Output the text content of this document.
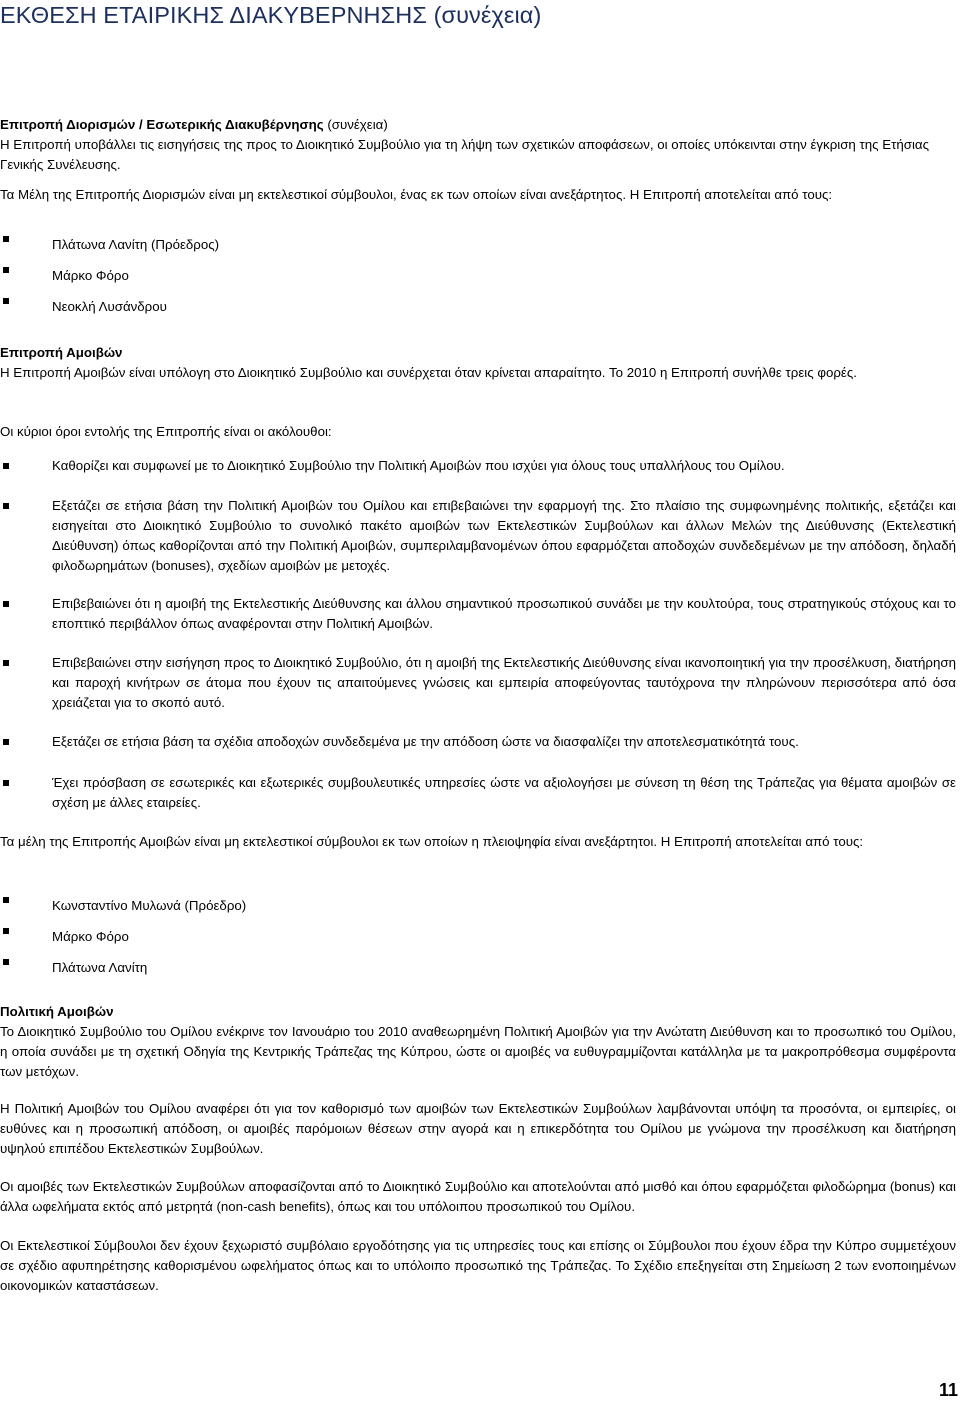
ΕΚΘΕΣΗ ΕΤΑΙΡΙΚΗΣ ΔΙΑΚΥΒΕΡΝΗΣΗΣ (συνέχεια)

Επιτροπή Διορισμών / Εσωτερικής Διακυβέρνησης (συνέχεια)

Η Επιτροπή υποβάλλει τις εισηγήσεις της προς το Διοικητικό Συμβούλιο για τη λήψη των σχετικών αποφάσεων, οι οποίες υπόκεινται στην έγκριση της Ετήσιας Γενικής Συνέλευσης.

Τα Μέλη της Επιτροπής Διορισμών είναι μη εκτελεστικοί σύμβουλοι, ένας εκ των οποίων είναι ανεξάρτητος. Η Επιτροπή αποτελείται από τους:
Πλάτωνα Λανίτη (Πρόεδρος)
Μάρκο Φόρο
Νεοκλή Λυσάνδρου

Επιτροπή Αμοιβών

Η Επιτροπή Αμοιβών είναι υπόλογη στο Διοικητικό Συμβούλιο και συνέρχεται όταν κρίνεται απαραίτητο. Το 2010 η Επιτροπή συνήλθε τρεις φορές.

Οι κύριοι όροι εντολής της Επιτροπής είναι οι ακόλουθοι:
Καθορίζει και συμφωνεί με το Διοικητικό Συμβούλιο την Πολιτική Αμοιβών που ισχύει για όλους τους υπαλλήλους του Ομίλου.
Εξετάζει σε ετήσια βάση την Πολιτική Αμοιβών του Ομίλου και επιβεβαιώνει την εφαρμογή της. Στο πλαίσιο της συμφωνημένης πολιτικής, εξετάζει και εισηγείται στο Διοικητικό Συμβούλιο το συνολικό πακέτο αμοιβών των Εκτελεστικών Συμβούλων και άλλων Μελών της Διεύθυνσης (Εκτελεστική Διεύθυνση) όπως καθορίζονται από την Πολιτική Αμοιβών, συμπεριλαμβανομένων όπου εφαρμόζεται αποδοχών συνδεδεμένων με την απόδοση, δηλαδή φιλοδωρημάτων (bonuses), σχεδίων αμοιβών με μετοχές.
Επιβεβαιώνει ότι η αμοιβή της Εκτελεστικής Διεύθυνσης και άλλου σημαντικού προσωπικού συνάδει με την κουλτούρα, τους στρατηγικούς στόχους και το εποπτικό περιβάλλον όπως αναφέρονται στην Πολιτική Αμοιβών.
Επιβεβαιώνει στην εισήγηση προς το Διοικητικό Συμβούλιο, ότι η αμοιβή της Εκτελεστικής Διεύθυνσης είναι ικανοποιητική για την προσέλκυση, διατήρηση και παροχή κινήτρων σε άτομα που έχουν τις απαιτούμενες γνώσεις και εμπειρία αποφεύγοντας ταυτόχρονα την πληρώνουν περισσότερα από όσα χρειάζεται για το σκοπό αυτό.
Εξετάζει σε ετήσια βάση τα σχέδια αποδοχών συνδεδεμένα με την απόδοση ώστε να διασφαλίζει την αποτελεσματικότητά τους.
Έχει πρόσβαση σε εσωτερικές και εξωτερικές συμβουλευτικές υπηρεσίες ώστε να αξιολογήσει με σύνεση τη θέση της Τράπεζας για θέματα αμοιβών σε σχέση με άλλες εταιρείες.
Τα μέλη της Επιτροπής Αμοιβών είναι μη εκτελεστικοί σύμβουλοι εκ των οποίων η πλειοψηφία είναι ανεξάρτητοι. Η Επιτροπή αποτελείται από τους:
Κωνσταντίνο Μυλωνά (Πρόεδρο)
Μάρκο Φόρο
Πλάτωνα Λανίτη

Πολιτική Αμοιβών

Το Διοικητικό Συμβούλιο του Ομίλου ενέκρινε τον Ιανουάριο του 2010 αναθεωρημένη Πολιτική Αμοιβών για την Ανώτατη Διεύθυνση και το προσωπικό του Ομίλου, η οποία συνάδει με τη σχετική Οδηγία της Κεντρικής Τράπεζας της Κύπρου, ώστε οι αμοιβές να ευθυγραμμίζονται κατάλληλα με τα μακροπρόθεσμα συμφέροντα των μετόχων.

Η Πολιτική Αμοιβών του Ομίλου αναφέρει ότι για τον καθορισμό των αμοιβών των Εκτελεστικών Συμβούλων λαμβάνονται υπόψη τα προσόντα, οι εμπειρίες, οι ευθύνες και η προσωπική απόδοση, οι αμοιβές παρόμοιων θέσεων στην αγορά και η επικερδότητα του Ομίλου με γνώμονα την προσέλκυση και διατήρηση υψηλού επιπέδου Εκτελεστικών Συμβούλων.
Οι αμοιβές των Εκτελεστικών Συμβούλων αποφασίζονται από το Διοικητικό Συμβούλιο και αποτελούνται από μισθό και όπου εφαρμόζεται φιλοδώρημα (bonus) και άλλα ωφελήματα εκτός από μετρητά (non-cash benefits), όπως και του υπόλοιπου προσωπικού του Ομίλου.
Οι Εκτελεστικοί Σύμβουλοι δεν έχουν ξεχωριστό συμβόλαιο εργοδότησης για τις υπηρεσίες τους και επίσης οι Σύμβουλοι που έχουν έδρα την Κύπρο συμμετέχουν σε σχέδιο αφυπηρέτησης καθορισμένου ωφελήματος όπως και το υπόλοιπο προσωπικό της Τράπεζας. Το Σχέδιο επεξηγείται στη Σημείωση 2 των ενοποιημένων οικονομικών καταστάσεων.
11
